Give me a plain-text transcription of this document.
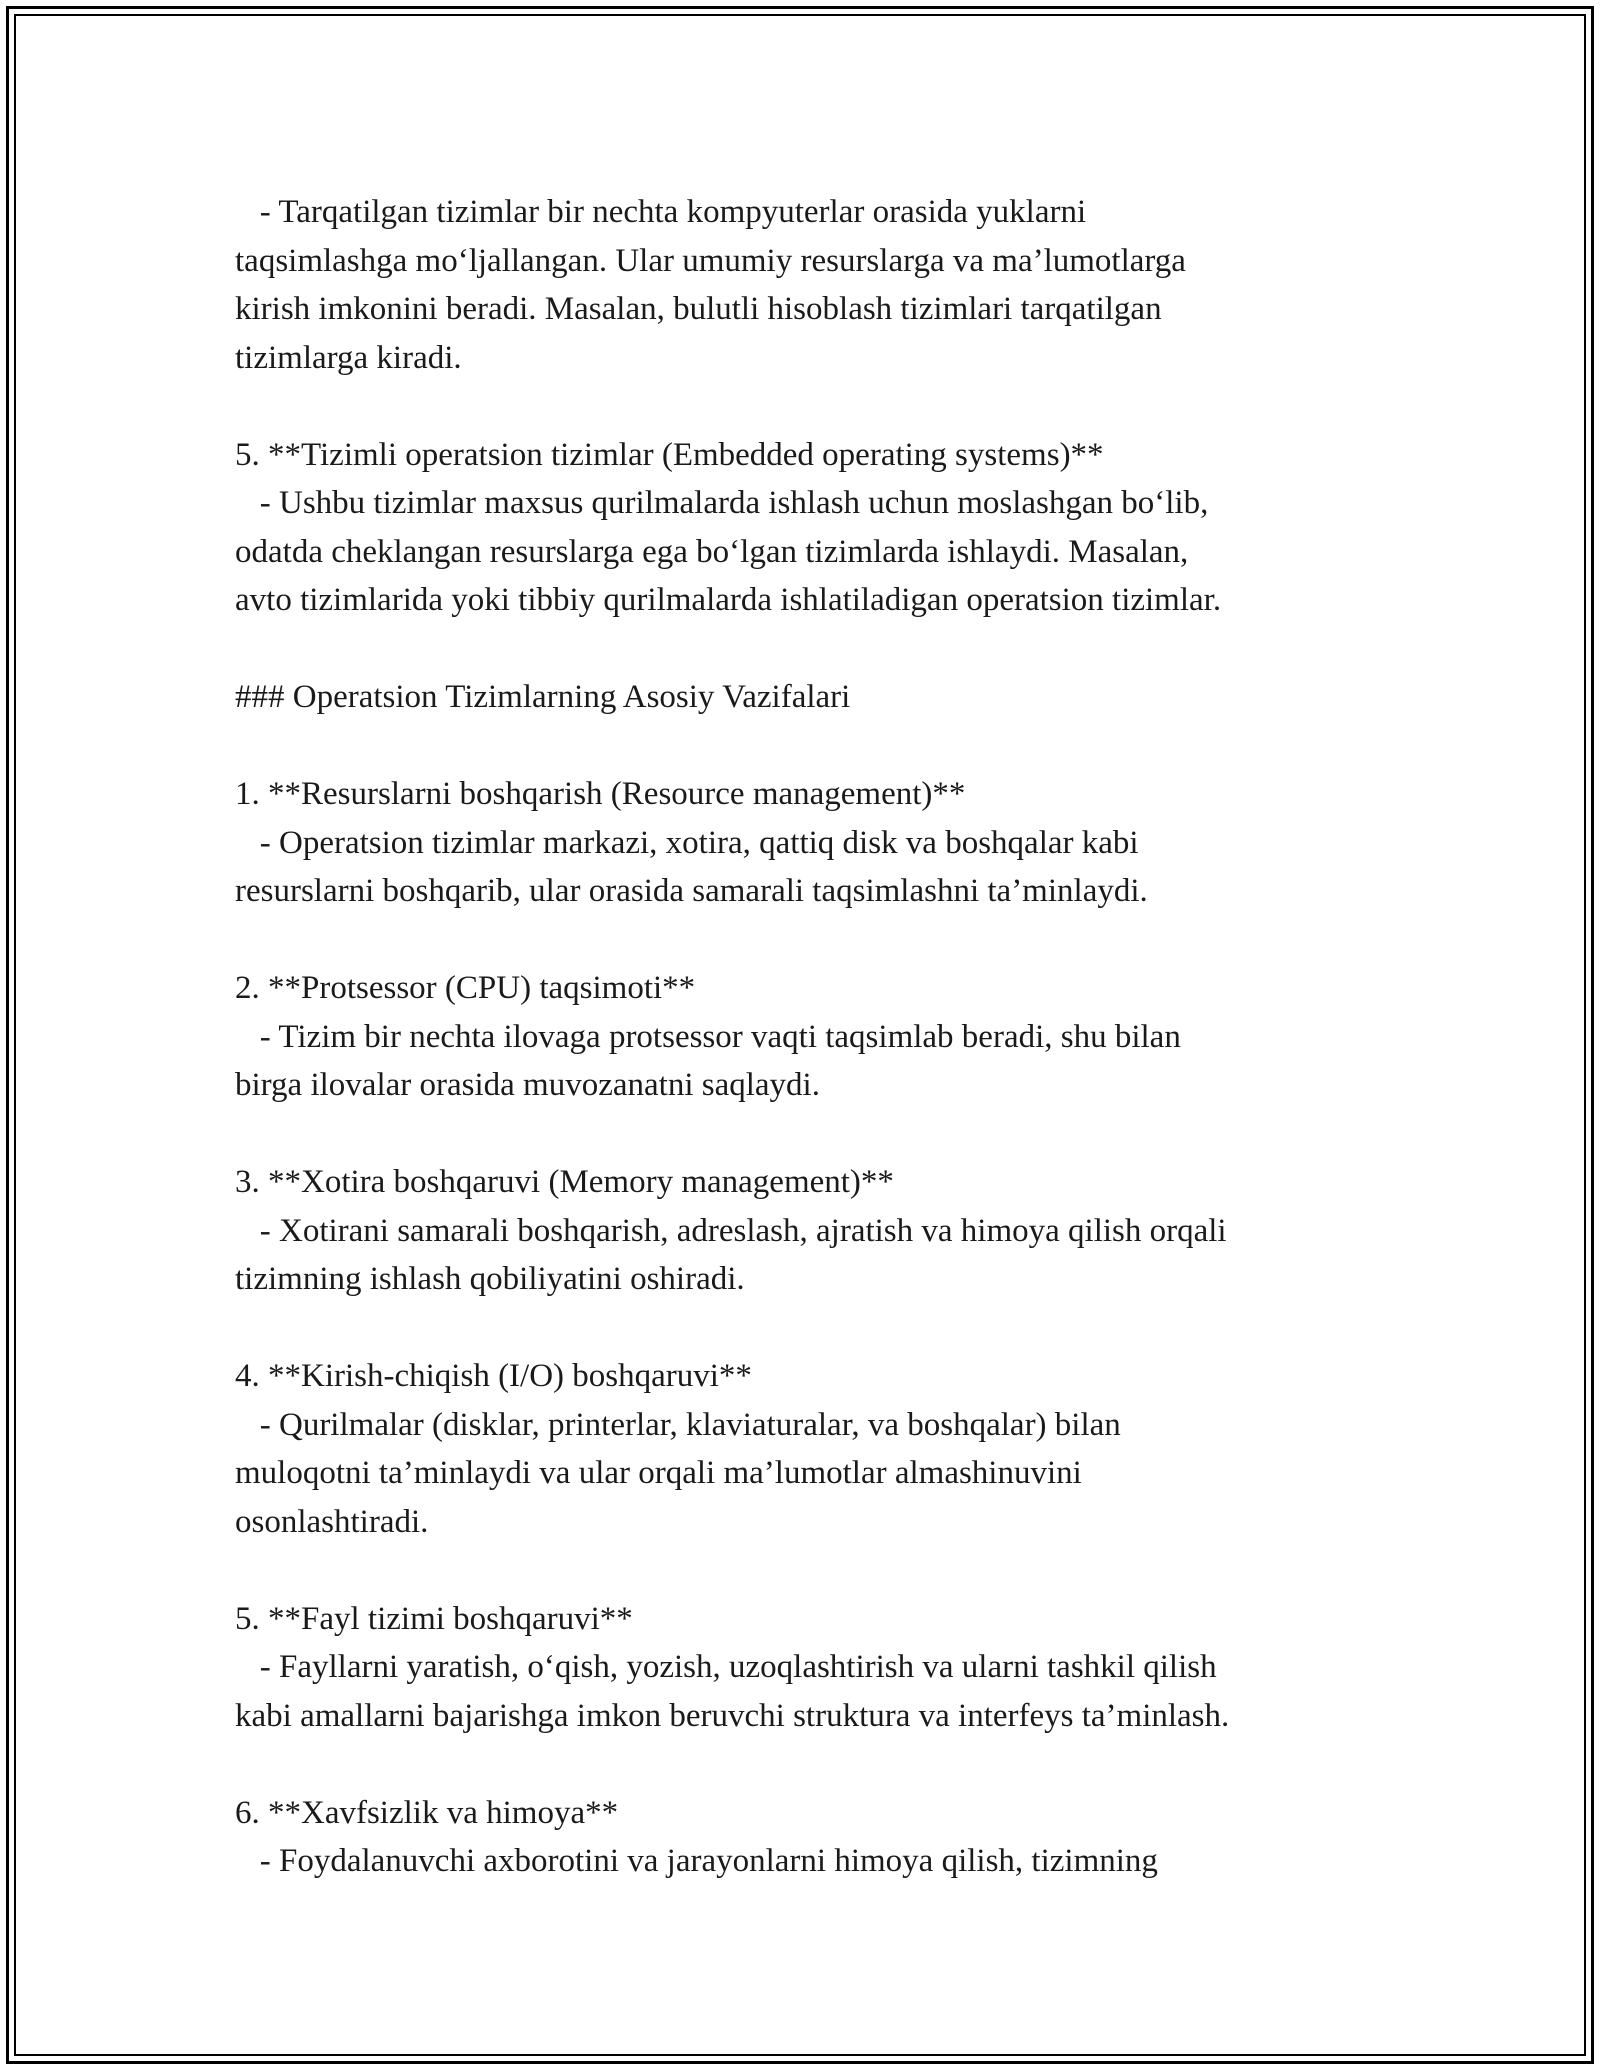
- Tarqatilgan tizimlar bir nechta kompyuterlar orasida yuklarni
taqsimlashga mo‘ljallangan. Ular umumiy resurslarga va ma’lumotlarga
kirish imkonini beradi. Masalan, bulutli hisoblash tizimlari tarqatilgan
tizimlarga kiradi.
5. **Tizimli operatsion tizimlar (Embedded operating systems)**
- Ushbu tizimlar maxsus qurilmalarda ishlash uchun moslashgan bo‘lib,
odatda cheklangan resurslarga ega bo‘lgan tizimlarda ishlaydi. Masalan,
avto tizimlarida yoki tibbiy qurilmalarda ishlatiladigan operatsion tizimlar.
### Operatsion Tizimlarning Asosiy Vazifalari
1. **Resurslarni boshqarish (Resource management)**
- Operatsion tizimlar markazi, xotira, qattiq disk va boshqalar kabi
resurslarni boshqarib, ular orasida samarali taqsimlashni ta’minlaydi.
2. **Protsessor (CPU) taqsimoti**
- Tizim bir nechta ilovaga protsessor vaqti taqsimlab beradi, shu bilan
birga ilovalar orasida muvozanatni saqlaydi.
3. **Xotira boshqaruvi (Memory management)**
- Xotirani samarali boshqarish, adreslash, ajratish va himoya qilish orqali
tizimning ishlash qobiliyatini oshiradi.
4. **Kirish-chiqish (I/O) boshqaruvi**
- Qurilmalar (disklar, printerlar, klaviaturalar, va boshqalar) bilan
muloqotni ta’minlaydi va ular orqali ma’lumotlar almashinuvini
osonlashtiradi.
5. **Fayl tizimi boshqaruvi**
- Fayllarni yaratish, o‘qish, yozish, uzoqlashtirish va ularni tashkil qilish
kabi amallarni bajarishga imkon beruvchi struktura va interfeys ta’minlash.
6. **Xavfsizlik va himoya**
- Foydalanuvchi axborotini va jarayonlarni himoya qilish, tizimning
